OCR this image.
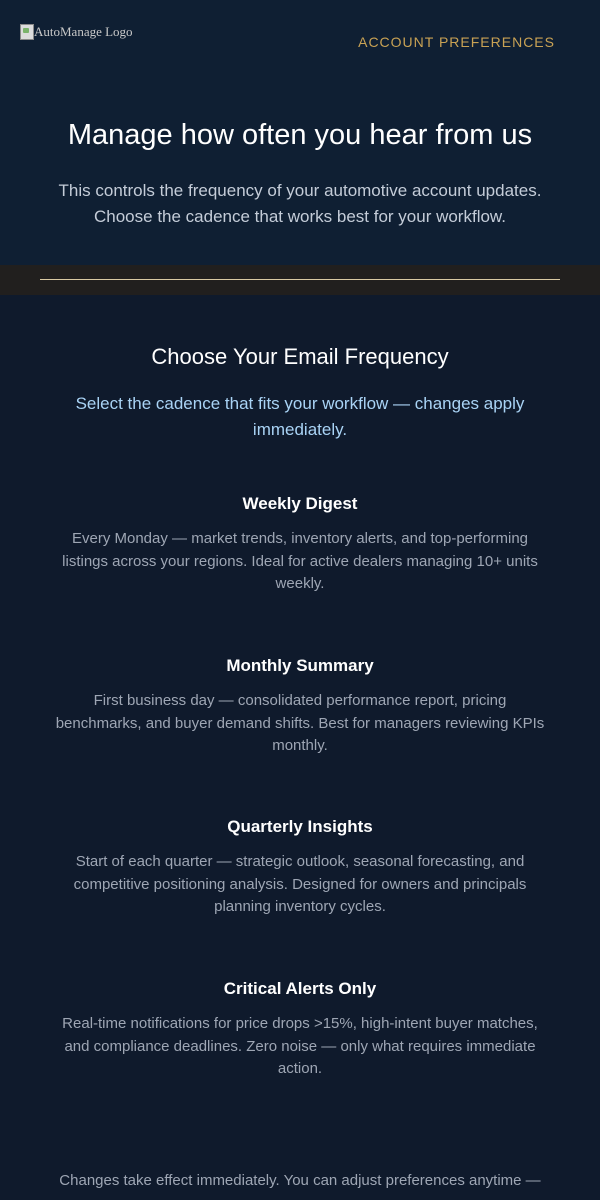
AutoManage Logo
ACCOUNT PREFERENCES
Manage how often you hear from us

This controls the frequency of your automotive account updates. Choose the cadence that works best for your workflow.

Choose Your Email Frequency

Select the cadence that fits your workflow — changes apply immediately.

Weekly Digest

Every Monday — market trends, inventory alerts, and top-performing listings across your regions. Ideal for active dealers managing 10+ units weekly.

Monthly Summary

First business day — consolidated performance report, pricing benchmarks, and buyer demand shifts. Best for managers reviewing KPIs monthly.

Quarterly Insights

Start of each quarter — strategic outlook, seasonal forecasting, and competitive positioning analysis. Designed for owners and principals planning inventory cycles.

Critical Alerts Only

Real-time notifications for price drops >15%, high-intent buyer matches, and compliance deadlines. Zero noise — only what requires immediate action.

Changes take effect immediately. You can adjust preferences anytime —
